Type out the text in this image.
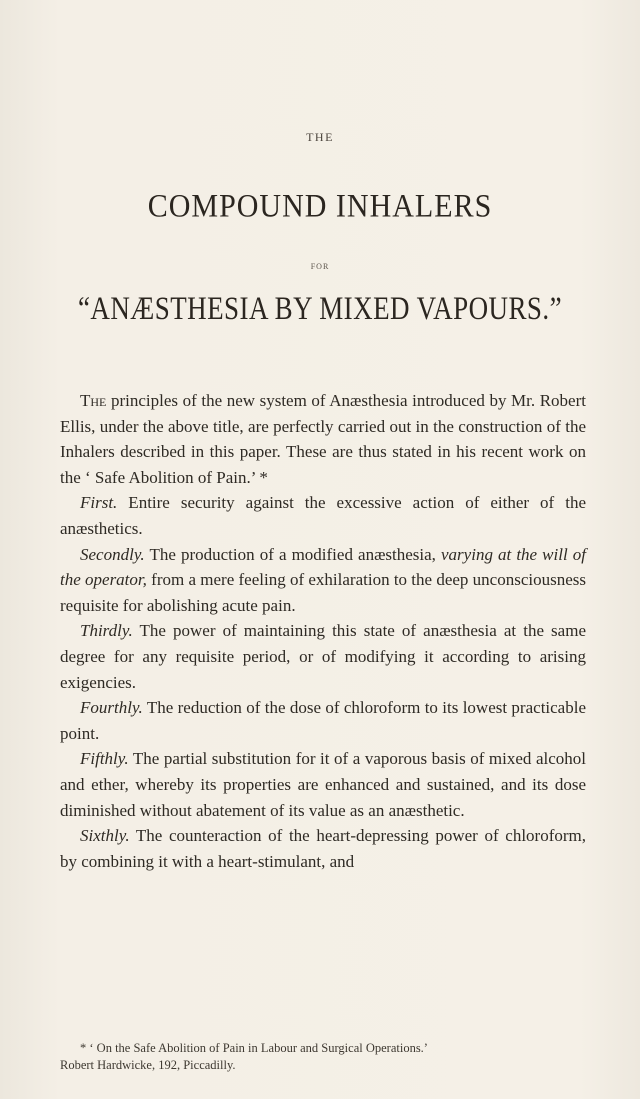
THE
COMPOUND INHALERS
FOR
“ANÆSTHESIA BY MIXED VAPOURS.”

The principles of the new system of Anæsthesia introduced by Mr. Robert Ellis, under the above title, are perfectly carried out in the construction of the Inhalers described in this paper. These are thus stated in his recent work on the ‘ Safe Abolition of Pain.’ *

First. Entire security against the excessive action of either of the anæsthetics.

Secondly. The production of a modified anæsthesia, varying at the will of the operator, from a mere feeling of exhilaration to the deep unconsciousness requisite for abolishing acute pain.

Thirdly. The power of maintaining this state of anæsthesia at the same degree for any requisite period, or of modifying it according to arising exigencies.

Fourthly. The reduction of the dose of chloroform to its lowest practicable point.

Fifthly. The partial substitution for it of a vaporous basis of mixed alcohol and ether, whereby its properties are enhanced and sustained, and its dose diminished without abatement of its value as an anæsthetic.

Sixthly. The counteraction of the heart-depressing power of chloroform, by combining it with a heart-stimulant, and

* ‘ On the Safe Abolition of Pain in Labour and Surgical Operations.’

Robert Hardwicke, 192, Piccadilly.
